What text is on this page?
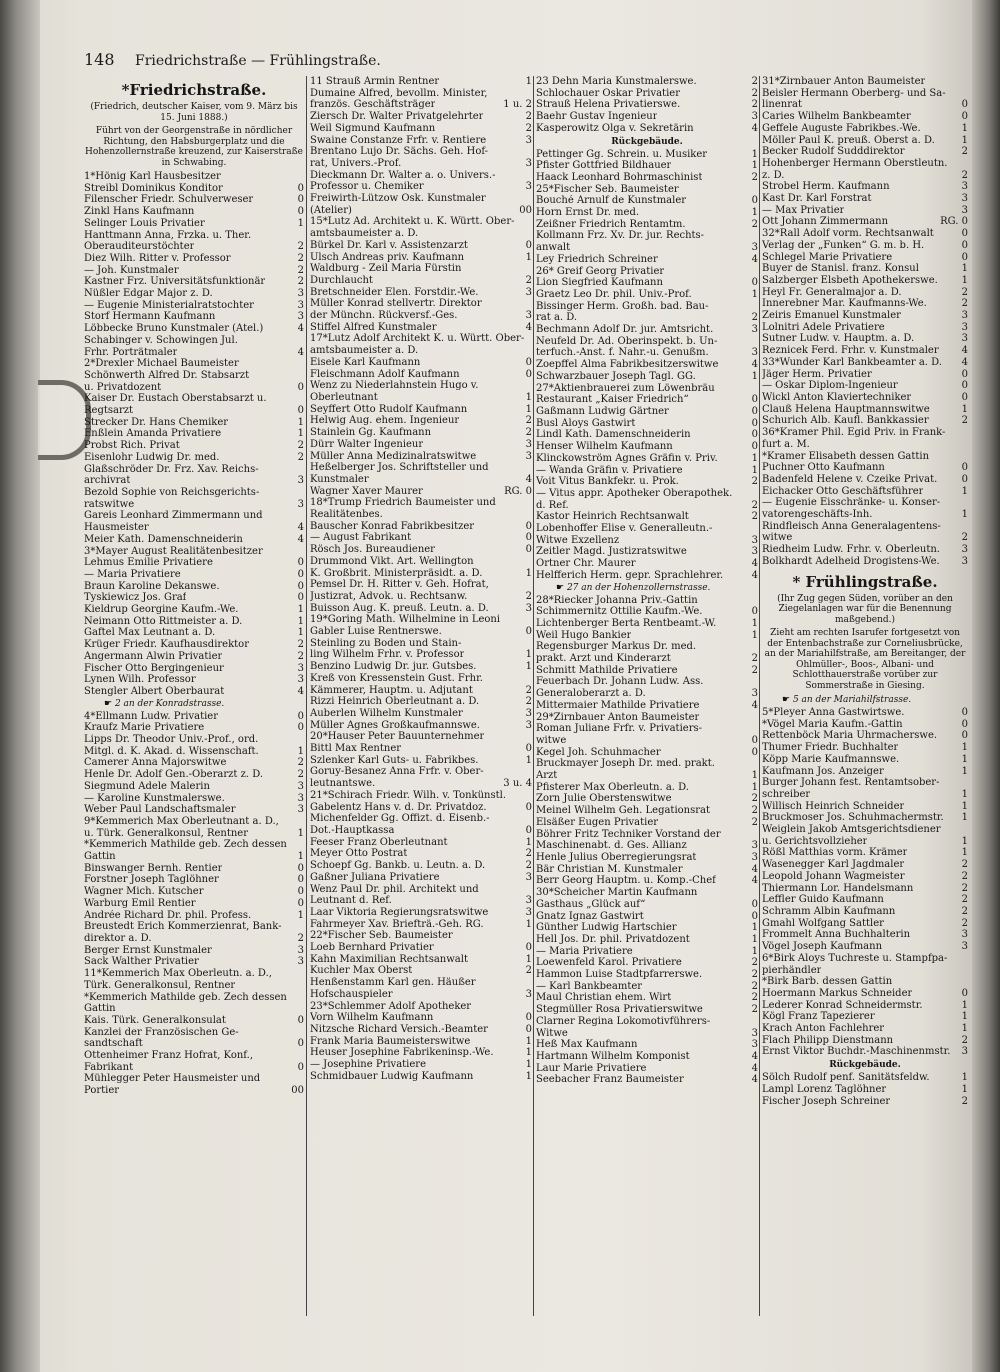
148 Friedrichstraße — Frühlingstraße.
*Friedrichstraße.
(Friedrich, deutscher Kaiser, vom 9. März bis 15. Juni 1888.)
Führt von der Georgenstraße in nördlicher Richtung, den Habsburgerplatz und die Hohenzollernstraße kreuzend, zur Kaiserstraße in Schwabing.
1*Hönig Karl Hausbesitzer
Streibl Dominikus Konditor	0
Filenscher Friedr. Schulverweser	0
Zinkl Hans Kaufmann	0
Selinger Louis Privatier	1
Hanttmann Anna, Frzka. u. Ther.
Oberauditeurstöchter	2
Diez Wilh. Ritter v. Professor	2
— Joh. Kunstmaler	2
Kastner Frz. Universitätsfunktionär	2
Nüßler Edgar Major z. D.	3
— Eugenie Ministerialratstochter	3
Storf Hermann Kaufmann	3
Löbbecke Bruno Kunstmaler (Atel.)	4
Schabinger v. Schowingen Jul.
Frhr. Porträtmaler	4
2*Drexler Michael Baumeister
Schönwerth Alfred Dr. Stabsarzt
u. Privatdozent	0
Kaiser Dr. Eustach Oberstabsarzt u.
Regtsarzt	0
Strecker Dr. Hans Chemiker	1
Enßlein Amanda Privatiere	1
Probst Rich. Privat	2
Eisenlohr Ludwig Dr. med.	2
Glaßschröder Dr. Frz. Xav. Reichs-
archivrat	3
Bezold Sophie von Reichsgerichts-
ratswitwe	3
Gareis Leonhard Zimmermann und
Hausmeister	4
Meier Kath. Damenschneiderin	4
3*Mayer August Realitätenbesitzer
Lehmus Emilie Privatiere	0
— Maria Privatiere	0
Braun Karoline Dekanswe.	0
Tyskiewicz Jos. Graf	0
Kieldrup Georgine Kaufm.-We.	1
Neimann Otto Rittmeister a. D.	1
Gaftel Max Leutnant a. D.	1
Krüger Friedr. Kaufhausdirektor	2
Angermann Alwin Privatier	2
Fischer Otto Bergingenieur	3
Lynen Wilh. Professor	3
Stengler Albert Oberbaurat	4
☛ 2 an der Konradstrasse.
4*Ellmann Ludw. Privatier	0
Kraufz Marie Privatiere	0
Lipps Dr. Theodor Univ.-Prof., ord.
Mitgl. d. K. Akad. d. Wissenschaft.	1
Camerer Anna Majorswitwe	2
Henle Dr. Adolf Gen.-Oberarzt z. D.	2
Siegmund Adele Malerin	3
— Karoline Kunstmalerswe.	3
Weber Paul Landschaftsmaler	3
9*Kemmerich Max Oberleutnant a. D.,
u. Türk. Generalkonsul, Rentner	1
*Kemmerich Mathilde geb. Zech dessen
Gattin	1
Binswanger Bernh. Rentier	0
Forstner Joseph Taglöhner	0
Wagner Mich. Kutscher	0
Warburg Emil Rentier	0
Andrée Richard Dr. phil. Profess.	1
Breustedt Erich Kommerzienrat, Bank-
direktor a. D.	2
Berger Ernst Kunstmaler	3
Sack Walther Privatier	3
11*Kemmerich Max Oberleutn. a. D.,
Türk. Generalkonsul, Rentner
*Kemmerich Mathilde geb. Zech dessen
Gattin
Kais. Türk. Generalkonsulat	0
Kanzlei der Französischen Ge-
sandtschaft	0
Ottenheimer Franz Hofrat, Konf.,
Fabrikant	0
Mühlegger Peter Hausmeister und
Portier	00
11 Strauß Armin Rentner	1
Dumaine Alfred, bevollm. Minister,
französ. Geschäftsträger	1 u. 2
Ziersch Dr. Walter Privatgelehrter	2
Weil Sigmund Kaufmann	2
Swaine Constanze Frfr. v. Rentiere	3
Brentano Lujo Dr. Sächs. Geh. Hof-
rat, Univers.-Prof.	3
Dieckmann Dr. Walter a. o. Univers.-
Professor u. Chemiker	3
Freiwirth-Lützow Osk. Kunstmaler
(Atelier)	00
15*Lutz Ad. Architekt u. K. Württ. Ober-
amtsbaumeister a. D.
Bürkel Dr. Karl v. Assistenzarzt	0
Ulsch Andreas priv. Kaufmann	1
Waldburg - Zeil Maria Fürstin
Durchlaucht	2
Bretschneider Elen. Forstdir.-We.	3
Müller Konrad stellvertr. Direktor
der Münchn. Rückversf.-Ges.	3
Stiffel Alfred Kunstmaler	4
17*Lutz Adolf Architekt K. u. Württ. Ober-
amtsbaumeister a. D.
Eisele Karl Kaufmann	0
Fleischmann Adolf Kaufmann	0
Wenz zu Niederlahnstein Hugo v.
Oberleutnant	1
Seyffert Otto Rudolf Kaufmann	1
Helwig Aug. ehem. Ingenieur	2
Stainlein Gg. Kaufmann	2
Dürr Walter Ingenieur	3
Müller Anna Medizinalratswitwe	3
Heßelberger Jos. Schriftsteller und
Kunstmaler	4
Wagner Xaver Maurer	RG. 0
18*Trump Friedrich Baumeister und
Realitätenbes.
Bauscher Konrad Fabrikbesitzer	0
— August Fabrikant	0
Rösch Jos. Bureaudiener	0
Drummond Vikt. Art. Wellington
K. Großbrit. Ministerpräsidt. a. D.	1
Pemsel Dr. H. Ritter v. Geh. Hofrat,
Justizrat, Advok. u. Rechtsanw.	2
Buisson Aug. K. preuß. Leutn. a. D.	3
19*Goring Math. Wilhelmine in Leoni
Gabler Luise Rentnerswe.	0
Steinling zu Boden und Stain-
ling Wilhelm Frhr. v. Professor	1
Benzino Ludwig Dr. jur. Gutsbes.	1
Kreß von Kressenstein Gust. Frhr.
Kämmerer, Hauptm. u. Adjutant	2
Rizzi Heinrich Oberleutnant a. D.	2
Auberlen Wilhelm Kunstmaler	3
Müller Agnes Großkaufmannswe.	3
20*Hauser Peter Bauunternehmer
Bittl Max Rentner	0
Szlenker Karl Guts- u. Fabrikbes.	1
Goruy-Besanez Anna Frfr. v. Ober-
leutnantswe.	3 u. 4
21*Schirach Friedr. Wilh. v. Tonkünstl.
Gabelentz Hans v. d. Dr. Privatdoz.	0
Michenfelder Gg. Offizt. d. Eisenb.-
Dot.-Hauptkassa	0
Feeser Franz Oberleutnant	1
Meyer Otto Postrat	2
Schoepf Gg. Bankb. u. Leutn. a. D.	2
Gaßner Juliana Privatiere	3
Wenz Paul Dr. phil. Architekt und
Leutnant d. Ref.	3
Laar Viktoria Regierungsratswitwe	3
Fahrmeyer Xav. Briefträ.-Geh. RG.	1
22*Fischer Seb. Baumeister
Loeb Bernhard Privatier	0
Kahn Maximilian Rechtsanwalt	1
Kuchler Max Oberst	2
Henßenstamm Karl gen. Häußer
Hofschauspieler	3
23*Schlemmer Adolf Apotheker
Vorn Wilhelm Kaufmann	0
Nitzsche Richard Versich.-Beamter	0
Frank Maria Baumeisterswitwe	1
Heuser Josephine Fabrikeninsp.-We.	1
— Josephine Privatiere	1
Schmidbauer Ludwig Kaufmann	1
23 Dehn Maria Kunstmalerswe.	2
Schlochauer Oskar Privatier	2
Strauß Helena Privatierswe.	2
Baehr Gustav Ingenieur	3
Kasperowitz Olga v. Sekretärin	4
Rückgebäude.
Pettinger Gg. Schrein. u. Musiker	1
Pfister Gottfried Bildhauer	1
Haack Leonhard Bohrmaschinist	2
25*Fischer Seb. Baumeister
Bouché Arnulf de Kunstmaler	0
Horn Ernst Dr. med.	1
Zeißner Friedrich Rentamtm.	2
Kollmann Frz. Xv. Dr. jur. Rechts-
anwalt	3
Ley Friedrich Schreiner	4
26* Greif Georg Privatier
Lion Siegfried Kaufmann	0
Graetz Leo Dr. phil. Univ.-Prof.	1
Bissinger Herm. Großh. bad. Bau-
rat a. D.	2
Bechmann Adolf Dr. jur. Amtsricht.	3
Neufeld Dr. Ad. Oberinspekt. b. Un-
terfuch.-Anst. f. Nahr.-u. Genußm.	3
Zoepffel Alma Fabrikbesitzerswitwe	4
Schwarzbauer Joseph Tagl. GG.	1
27*Aktienbrauerei zum Löwenbräu
Restaurant „Kaiser Friedrich“	0
Gaßmann Ludwig Gärtner	0
Busl Aloys Gastwirt	0
Lindl Kath. Damenschneiderin	0
Henser Wilhelm Kaufmann	0
Klinckowström Agnes Gräfin v. Priv.	1
— Wanda Gräfin v. Privatiere	1
Voit Vitus Bankfekr. u. Prok.	2
— Vitus appr. Apotheker Oberapothek.
d. Ref.	2
Kastor Heinrich Rechtsanwalt	2
Lobenhoffer Elise v. Generalleutn.-
Witwe Exzellenz	3
Zeitler Magd. Justizratswitwe	3
Ortner Chr. Maurer	4
Helfferich Herm. gepr. Sprachlehrer.	4
☛ 27 an der Hohenzollernstrasse.
28*Riecker Johanna Priv.-Gattin
Schimmernitz Ottilie Kaufm.-We.	0
Lichtenberger Berta Rentbeamt.-W.	1
Weil Hugo Bankier	1
Regensburger Markus Dr. med.
prakt. Arzt und Kinderarzt	2
Schmitt Mathilde Privatiere	2
Feuerbach Dr. Johann Ludw. Ass.
Generaloberarzt a. D.	3
Mittermaier Mathilde Privatiere	4
29*Zirnbauer Anton Baumeister
Roman Juliane Frfr. v. Privatiers-
witwe	0
Kegel Joh. Schuhmacher	0
Bruckmayer Joseph Dr. med. prakt.
Arzt	1
Pfisterer Max Oberleutn. a. D.	1
Zorn Julie Oberstenswitwe	2
Meinel Wilhelm Geh. Legationsrat	2
Elsäßer Eugen Privatier	2
Böhrer Fritz Techniker Vorstand der
Maschinenabt. d. Ges. Allianz	3
Henle Julius Oberregierungsrat	3
Bär Christian M. Kunstmaler	4
Berr Georg Hauptm. u. Komp.-Chef	4
30*Scheicher Martin Kaufmann
Gasthaus „Glück auf“	0
Gnatz Ignaz Gastwirt	0
Günther Ludwig Hartschier	1
Hell Jos. Dr. phil. Privatdozent	1
— Maria Privatiere	1
Loewenfeld Karol. Privatiere	2
Hammon Luise Stadtpfarrerswe.	2
— Karl Bankbeamter	2
Maul Christian ehem. Wirt	2
Stegmüller Rosa Privatierswitwe	2
Clarner Regina Lokomotivführers-
Witwe	3
Heß Max Kaufmann	3
Hartmann Wilhelm Komponist	4
Laur Marie Privatiere	4
Seebacher Franz Baumeister	4
31*Zirnbauer Anton Baumeister
Beisler Hermann Oberberg- und Sa-
linenrat	0
Caries Wilhelm Bankbeamter	0
Geffele Auguste Fabrikbes.-We.	1
Möller Paul K. preuß. Oberst a. D.	1
Becker Rudolf Sudddirektor	2
Hohenberger Hermann Oberstleutn.
z. D.	2
Strobel Herm. Kaufmann	3
Kast Dr. Karl Forstrat	3
— Max Privatier	3
Ott Johann Zimmermann	RG. 0
32*Rall Adolf vorm. Rechtsanwalt	0
Verlag der „Funken“ G. m. b. H.	0
Schlegel Marie Privatiere	0
Buyer de Stanisl. franz. Konsul	1
Salzberger Elsbeth Apothekerswe.	1
Heyl Fr. Generalmajor a. D.	2
Innerebner Mar. Kaufmanns-We.	2
Zeiris Emanuel Kunstmaler	3
Lolnitri Adele Privatiere	3
Sutner Ludw. v. Hauptm. a. D.	3
Reznicek Ferd. Frhr. v. Kunstmaler	4
33*Wunder Karl Bankbeamter a. D.	4
Jäger Herm. Privatier	0
— Oskar Diplom-Ingenieur	0
Wickl Anton Klaviertechniker	0
Clauß Helena Hauptmannswitwe	1
Schurich Alb. Kaufl. Bankkassier	2
36*Kramer Phil. Egid Priv. in Frank-
furt a. M.
*Kramer Elisabeth dessen Gattin
Puchner Otto Kaufmann	0
Badenfeld Helene v. Czeike Privat.	0
Eichacker Otto Geschäftsführer	1
— Eugenie Eisschränke- u. Konser-
vatorengeschäfts-Inh.	1
Rindfleisch Anna Generalagentens-
witwe	2
Riedheim Ludw. Frhr. v. Oberleutn.	3
Bolkhardt Adelheid Drogistens-We.	3
* Frühlingstraße.
(Ihr Zug gegen Süden, vorüber an den Ziegelanlagen war für die Benennung maßgebend.)
Zieht am rechten Isarufer fortgesetzt von der Entenbachstraße zur Corneliusbrücke, an der Mariahilfstraße, am Bereitanger, der Ohlmüller-, Boos-, Albani- und Schlotthauerstraße vorüber zur Sommerstraße in Giesing.
☛ 5 an der Mariahilfstrasse.
5*Pleyer Anna Gastwirtswe.	0
*Vögel Maria Kaufm.-Gattin	0
Rettenböck Maria Uhrmacherswe.	0
Thumer Friedr. Buchhalter	1
Köpp Marie Kaufmannswe.	1
Kaufmann Jos. Anzeiger	1
Burger Johann fest. Rentamtsober-
schreiber	1
Willisch Heinrich Schneider	1
Bruckmoser Jos. Schuhmachermstr.	1
Weiglein Jakob Amtsgerichtsdiener
u. Gerichtsvollzieher	1
Rößl Matthias vorm. Krämer	1
Wasenegger Karl Jagdmaler	2
Leopold Johann Wagmeister	2
Thiermann Lor. Handelsmann	2
Leffler Guido Kaufmann	2
Schramm Albin Kaufmann	2
Gmahl Wolfgang Sattler	2
Frommelt Anna Buchhalterin	3
Vögel Joseph Kaufmann	3
6*Birk Aloys Tuchreste u. Stampfpa-
pierhändler
*Birk Barb. dessen Gattin
Hoermann Markus Schneider	0
Lederer Konrad Schneidermstr.	1
Kögl Franz Tapezierer	1
Krach Anton Fachlehrer	1
Flach Philipp Dienstmann	2
Ernst Viktor Buchdr.-Maschinenmstr.	3
Rückgebäude.
Sölch Rudolf penf. Sanitätsfeldw.	1
Lampl Lorenz Taglöhner	1
Fischer Joseph Schreiner	2
